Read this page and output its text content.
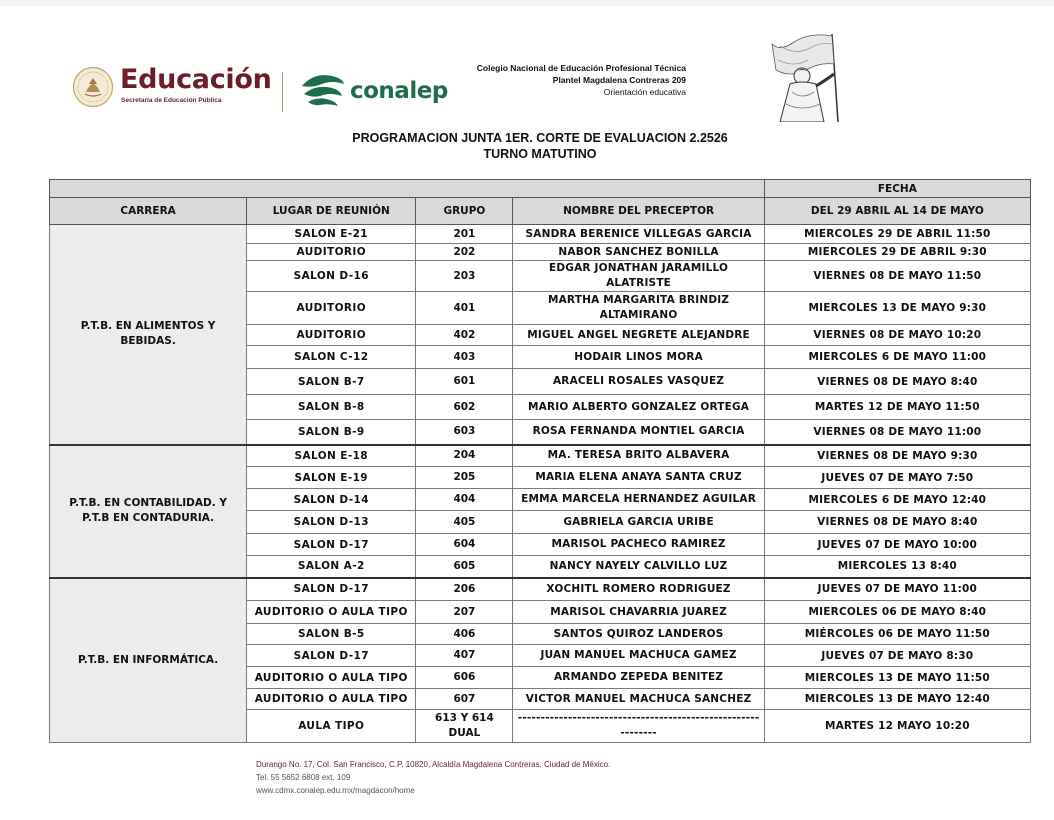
Educación
Secretaría de Educación Pública	conalep
Colegio Nacional de Educación Profesional Técnica
Plantel Magdalena Contreras 209
Orientación educativa
PROGRAMACION JUNTA 1ER. CORTE DE EVALUACION 2.2526
TURNO MATUTINO
				FECHA
CARRERA	LUGAR DE REUNIÓN	GRUPO	NOMBRE DEL PRECEPTOR	DEL 29 ABRIL AL 14 DE MAYO
P.T.B. EN ALIMENTOS Y BEBIDAS.	SALON E-21	201	SANDRA BERENICE VILLEGAS GARCIA	MIERCOLES 29 DE ABRIL 11:50
	AUDITORIO	202	NABOR SANCHEZ BONILLA	MIERCOLES 29 DE ABRIL 9:30
	SALON D-16	203	EDGAR JONATHAN JARAMILLO ALATRISTE	VIERNES 08 DE MAYO 11:50
	AUDITORIO	401	MARTHA MARGARITA BRINDIZ ALTAMIRANO	MIERCOLES 13 DE MAYO 9:30
	AUDITORIO	402	MIGUEL ANGEL NEGRETE ALEJANDRE	VIERNES 08 DE MAYO 10:20
	SALON C-12	403	HODAIR LINOS MORA	MIERCOLES 6 DE MAYO 11:00
	SALON B-7	601	ARACELI ROSALES VASQUEZ	VIERNES 08 DE MAYO 8:40
	SALON B-8	602	MARIO ALBERTO GONZALEZ ORTEGA	MARTES 12 DE MAYO 11:50
	SALON B-9	603	ROSA FERNANDA MONTIEL GARCIA	VIERNES 08 DE MAYO 11:00
P.T.B. EN CONTABILIDAD. Y P.T.B EN CONTADURIA.	SALON E-18	204	MA. TERESA BRITO ALBAVERA	VIERNES 08 DE MAYO 9:30
	SALON E-19	205	MARIA ELENA ANAYA SANTA CRUZ	JUEVES 07 DE MAYO 7:50
	SALON D-14	404	EMMA MARCELA HERNANDEZ AGUILAR	MIERCOLES 6 DE MAYO 12:40
	SALON D-13	405	GABRIELA GARCIA URIBE	VIERNES 08 DE MAYO 8:40
	SALON D-17	604	MARISOL PACHECO RAMIREZ	JUEVES 07 DE MAYO 10:00
	SALON A-2	605	NANCY NAYELY CALVILLO LUZ	MIERCOLES 13 8:40
P.T.B. EN INFORMÁTICA.	SALON D-17	206	XOCHITL ROMERO RODRIGUEZ	JUEVES 07 DE MAYO 11:00
	AUDITORIO O AULA TIPO	207	MARISOL CHAVARRIA JUAREZ	MIERCOLES 06 DE MAYO 8:40
	SALON B-5	406	SANTOS QUIROZ LANDEROS	MIÉRCOLES 06 DE MAYO 11:50
	SALON D-17	407	JUAN MANUEL MACHUCA GAMEZ	JUEVES 07 DE MAYO 8:30
	AUDITORIO O AULA TIPO	606	ARMANDO ZEPEDA BENITEZ	MIERCOLES 13 DE MAYO 11:50
	AUDITORIO O AULA TIPO	607	VICTOR MANUEL MACHUCA SANCHEZ	MIERCOLES 13 DE MAYO 12:40
	AULA TIPO	613 Y 614 DUAL	-------------------------------------------------------------	MARTES 12 MAYO 10:20
Durango No. 17, Col. San Francisco, C.P. 10820, Alcaldía Magdalena Contreras, Ciudad de México.
Tel. 55 5652 6808 ext. 109
www.cdmx.conalep.edu.mx/magdacon/home
